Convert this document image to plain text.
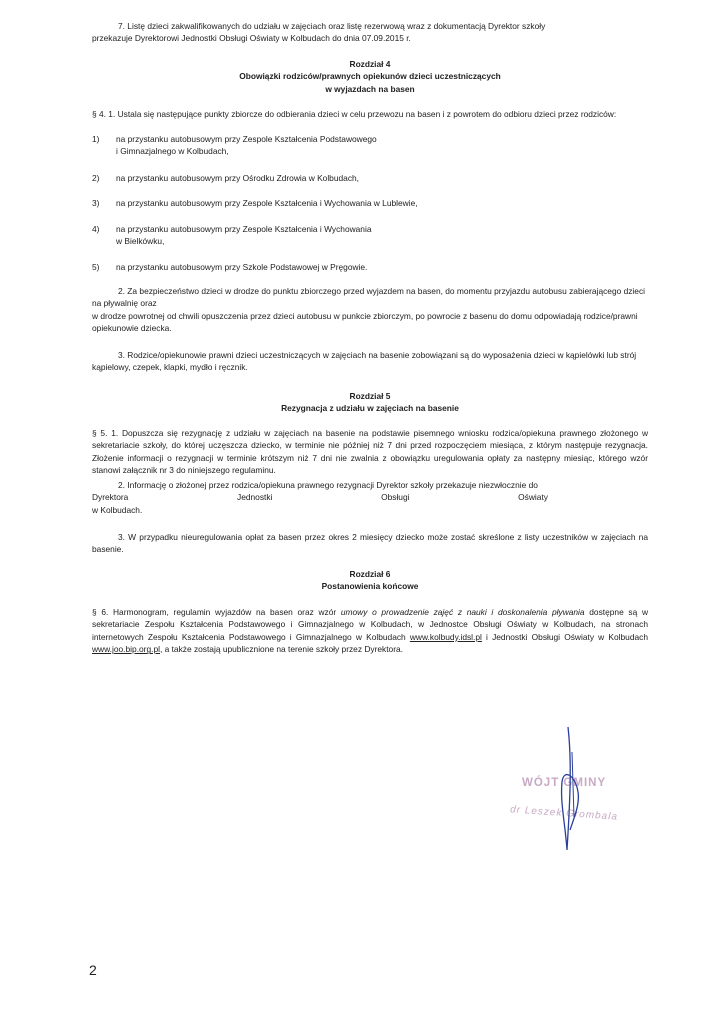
7. Listę dzieci zakwalifikowanych do udziału w zajęciach oraz listę rezerwową wraz z dokumentacją Dyrektor szkoły
przekazuje Dyrektorowi Jednostki Obsługi Oświaty w Kolbudach do dnia 07.09.2015 r.
Rozdział 4
Obowiązki rodziców/prawnych opiekunów dzieci uczestniczących
w wyjazdach na basen
§ 4. 1. Ustala się następujące punkty zbiorcze do odbierania dzieci w celu przewozu na basen i z powrotem do odbioru dzieci przez rodziców:
1) na przystanku autobusowym przy Zespole Kształcenia Podstawowego
i Gimnazjalnego w Kolbudach,
2) na przystanku autobusowym przy Ośrodku Zdrowia w Kolbudach,
3) na przystanku autobusowym przy Zespole Kształcenia i Wychowania w Lublewie,
4) na przystanku autobusowym przy Zespole Kształcenia i Wychowania
w Bielkówku,
5) na przystanku autobusowym przy Szkole Podstawowej w Pręgowie.
2. Za bezpieczeństwo dzieci w drodze do punktu zbiorczego przed wyjazdem na basen, do momentu przyjazdu autobusu zabierającego dzieci na pływalnię oraz
w drodze powrotnej od chwili opuszczenia przez dzieci autobusu w punkcie zbiorczym, po powrocie z basenu do domu odpowiadają rodzice/prawni opiekunowie dziecka.
3. Rodzice/opiekunowie prawni dzieci uczestniczących w zajęciach na basenie zobowiązani są do wyposażenia dzieci w kąpielówki lub strój kąpielowy, czepek, klapki, mydło i ręcznik.
Rozdział 5
Rezygnacja z udziału w zajęciach na basenie
§ 5. 1. Dopuszcza się rezygnację z udziału w zajęciach na basenie na podstawie pisemnego wniosku rodzica/opiekuna prawnego złożonego w sekretariacie szkoły, do której uczęszcza dziecko, w terminie nie później niż 7 dni przed rozpoczęciem miesiąca, z którym następuje rezygnacja. Złożenie informacji o rezygnacji w terminie krótszym niż 7 dni nie zwalnia z obowiązku uregulowania opłaty za następny miesiąc, którego wzór stanowi załącznik nr 3 do niniejszego regulaminu.
2. Informację o złożonej przez rodzica/opiekuna prawnego rezygnacji Dyrektor szkoły przekazuje niezwłocznie do
Dyrektora	Jednostki	Obsługi	Oświaty
w Kolbudach.
3. W przypadku nieuregulowania opłat za basen przez okres 2 miesięcy dziecko może zostać skreślone z listy uczestników w zajęciach na basenie.
Rozdział 6
Postanowienia końcowe
§ 6. Harmonogram, regulamin wyjazdów na basen oraz wzór umowy o prowadzenie zajęć z nauki i doskonalenia pływania dostępne są w sekretariacie Zespołu Kształcenia Podstawowego i Gimnazjalnego w Kolbudach, w Jednostce Obsługi Oświaty w Kolbudach, na stronach internetowych Zespołu Kształcenia Podstawowego i Gimnazjalnego w Kolbudach www.kolbudy.idsl.pl i Jednostki Obsługi Oświaty w Kolbudach www.joo.bip.org.pl, a także zostają upublicznione na terenie szkoły przez Dyrektora.
WÓJT GMINY
dr Leszek Grombala
2
